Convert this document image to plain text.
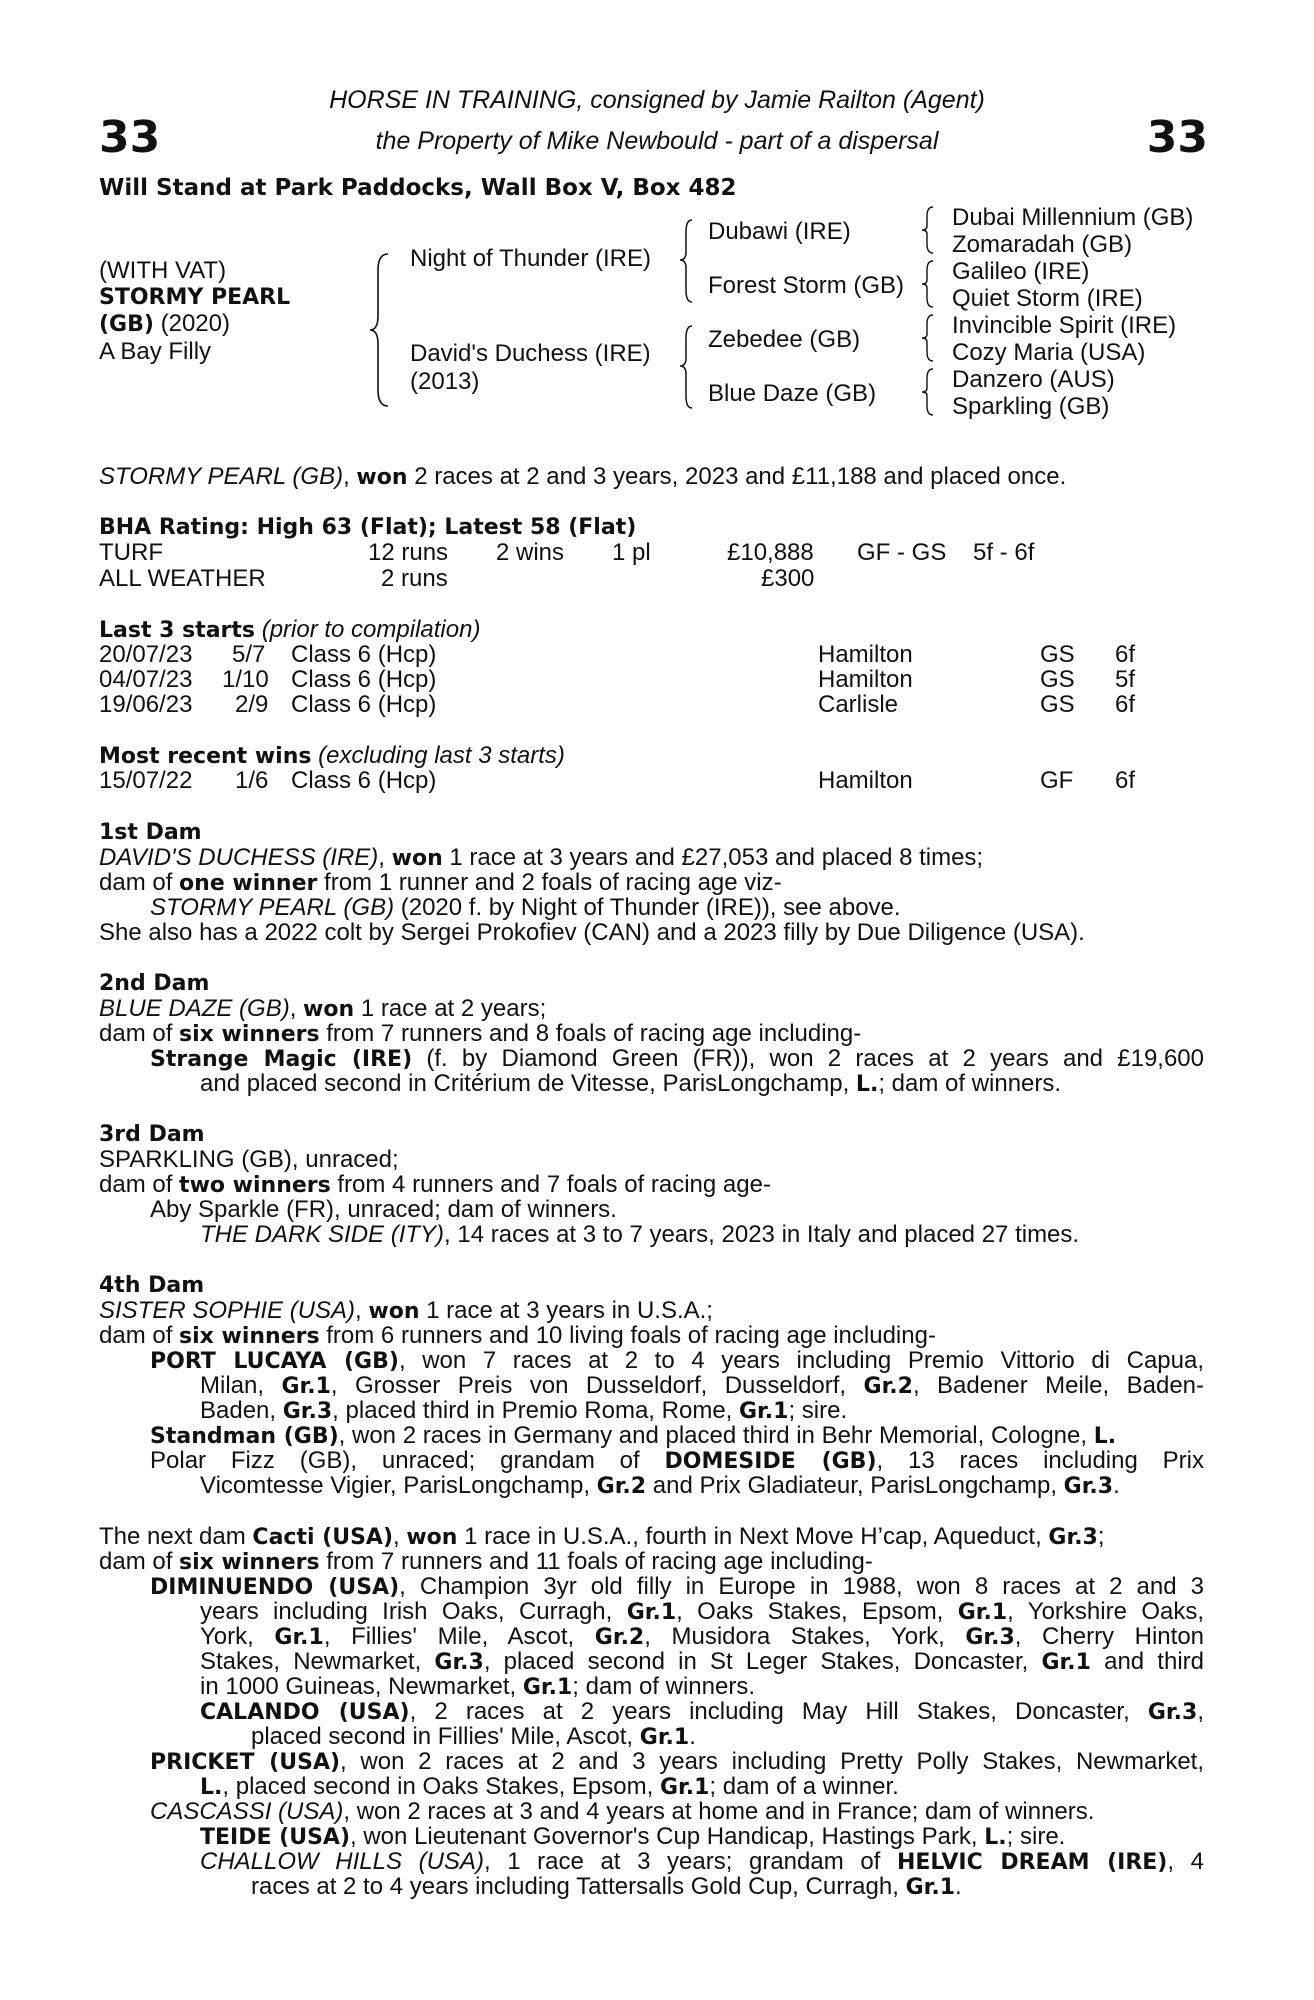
33	33
HORSE IN TRAINING, consigned by Jamie Railton (Agent)
the Property of Mike Newbould - part of a dispersal
Will Stand at Park Paddocks, Wall Box V, Box 482
(WITH VAT)
STORMY PEARL
(GB) (2020)
A Bay Filly
Night of Thunder (IRE)
David's Duchess (IRE)
(2013)
Dubawi (IRE)
Forest Storm (GB)
Zebedee (GB)
Blue Daze (GB)
Dubai Millennium (GB)
Zomaradah (GB)
Galileo (IRE)
Quiet Storm (IRE)
Invincible Spirit (IRE)
Cozy Maria (USA)
Danzero (AUS)
Sparkling (GB)
STORMY PEARL (GB), won 2 races at 2 and 3 years, 2023 and £11,188 and placed once.
BHA Rating: High 63 (Flat); Latest 58 (Flat)
TURF	12 runs 2 wins 1 pl	£10,888 GF - GS 5f - 6f
ALL WEATHER	2 runs	£300
Last 3 starts (prior to compilation)
20/07/23 5/7 Class 6 (Hcp)	Hamilton	GS 6f
04/07/23 1/10 Class 6 (Hcp)	Hamilton	GS 5f
19/06/23 2/9 Class 6 (Hcp)	Carlisle	GS 6f
Most recent wins (excluding last 3 starts)
15/07/22 1/6 Class 6 (Hcp)	Hamilton	GF 6f
1st Dam
DAVID'S DUCHESS (IRE), won 1 race at 3 years and £27,053 and placed 8 times;
dam of one winner from 1 runner and 2 foals of racing age viz-
STORMY PEARL (GB) (2020 f. by Night of Thunder (IRE)), see above.
She also has a 2022 colt by Sergei Prokofiev (CAN) and a 2023 filly by Due Diligence (USA).
2nd Dam
BLUE DAZE (GB), won 1 race at 2 years;
dam of six winners from 7 runners and 8 foals of racing age including-
Strange Magic (IRE) (f. by Diamond Green (FR)), won 2 races at 2 years and £19,600
and placed second in Critérium de Vitesse, ParisLongchamp, L.; dam of winners.
3rd Dam
SPARKLING (GB), unraced;
dam of two winners from 4 runners and 7 foals of racing age-
Aby Sparkle (FR), unraced; dam of winners.
THE DARK SIDE (ITY), 14 races at 3 to 7 years, 2023 in Italy and placed 27 times.
4th Dam
SISTER SOPHIE (USA), won 1 race at 3 years in U.S.A.;
dam of six winners from 6 runners and 10 living foals of racing age including-
PORT LUCAYA (GB), won 7 races at 2 to 4 years including Premio Vittorio di Capua,
Milan, Gr.1, Grosser Preis von Dusseldorf, Dusseldorf, Gr.2, Badener Meile, Baden-
Baden, Gr.3, placed third in Premio Roma, Rome, Gr.1; sire.
Standman (GB), won 2 races in Germany and placed third in Behr Memorial, Cologne, L.
Polar Fizz (GB), unraced; grandam of DOMESIDE (GB), 13 races including Prix
Vicomtesse Vigier, ParisLongchamp, Gr.2 and Prix Gladiateur, ParisLongchamp, Gr.3.
The next dam Cacti (USA), won 1 race in U.S.A., fourth in Next Move H’cap, Aqueduct, Gr.3;
dam of six winners from 7 runners and 11 foals of racing age including-
DIMINUENDO (USA), Champion 3yr old filly in Europe in 1988, won 8 races at 2 and 3
years including Irish Oaks, Curragh, Gr.1, Oaks Stakes, Epsom, Gr.1, Yorkshire Oaks,
York, Gr.1, Fillies' Mile, Ascot, Gr.2, Musidora Stakes, York, Gr.3, Cherry Hinton
Stakes, Newmarket, Gr.3, placed second in St Leger Stakes, Doncaster, Gr.1 and third
in 1000 Guineas, Newmarket, Gr.1; dam of winners.
CALANDO (USA), 2 races at 2 years including May Hill Stakes, Doncaster, Gr.3,
placed second in Fillies' Mile, Ascot, Gr.1.
PRICKET (USA), won 2 races at 2 and 3 years including Pretty Polly Stakes, Newmarket,
L., placed second in Oaks Stakes, Epsom, Gr.1; dam of a winner.
CASCASSI (USA), won 2 races at 3 and 4 years at home and in France; dam of winners.
TEIDE (USA), won Lieutenant Governor's Cup Handicap, Hastings Park, L.; sire.
CHALLOW HILLS (USA), 1 race at 3 years; grandam of HELVIC DREAM (IRE), 4
races at 2 to 4 years including Tattersalls Gold Cup, Curragh, Gr.1.
